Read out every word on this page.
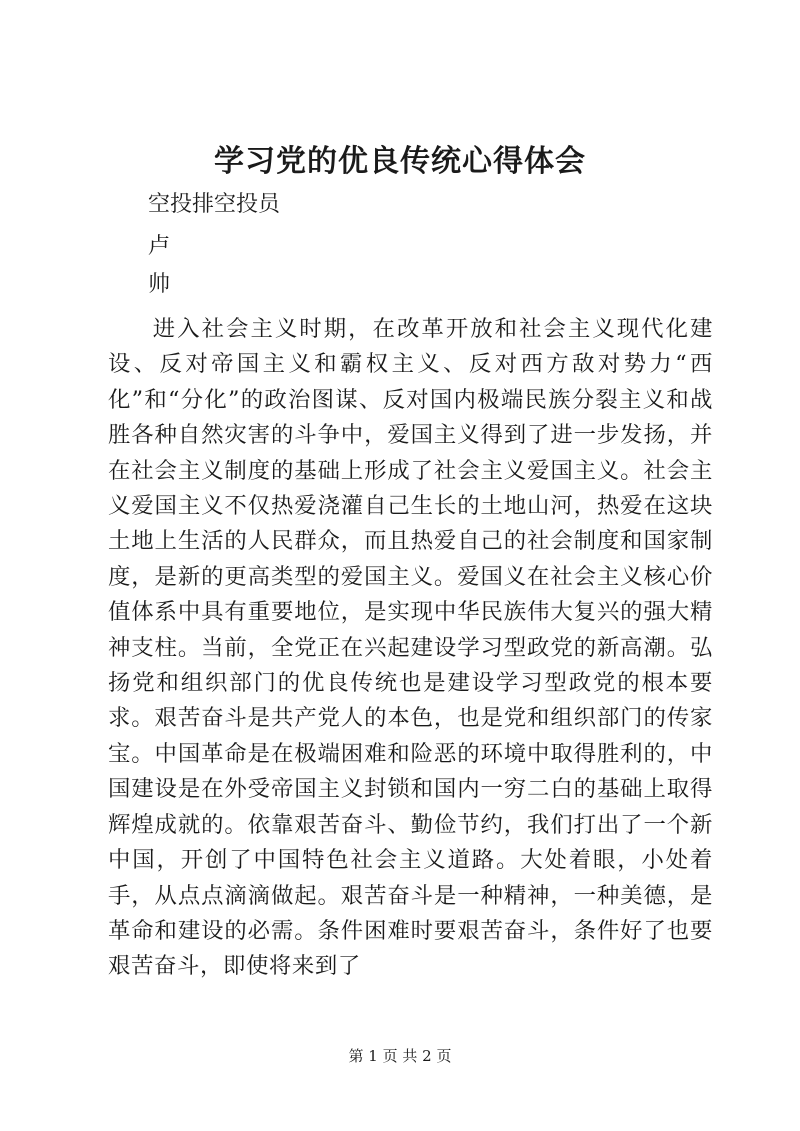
学习党的优良传统心得体会
空投排空投员
卢
帅

进入社会主义时期，在改革开放和社会主义现代化建设、反对帝国主义和霸权主义、反对西方敌对势力“西化”和“分化”的政治图谋、反对国内极端民族分裂主义和战胜各种自然灾害的斗争中，爱国主义得到了进一步发扬，并在社会主义制度的基础上形成了社会主义爱国主义。社会主义爱国主义不仅热爱浇灌自己生长的土地山河，热爱在这块土地上生活的人民群众，而且热爱自己的社会制度和国家制度，是新的更高类型的爱国主义。爱国义在社会主义核心价值体系中具有重要地位，是实现中华民族伟大复兴的强大精神支柱。当前，全党正在兴起建设学习型政党的新高潮。弘扬党和组织部门的优良传统也是建设学习型政党的根本要求。艰苦奋斗是共产党人的本色，也是党和组织部门的传家宝。中国革命是在极端困难和险恶的环境中取得胜利的，中国建设是在外受帝国主义封锁和国内一穷二白的基础上取得辉煌成就的。依靠艰苦奋斗、勤俭节约，我们打出了一个新中国，开创了中国特色社会主义道路。大处着眼，小处着手，从点点滴滴做起。艰苦奋斗是一种精神，一种美德，是革命和建设的必需。条件困难时要艰苦奋斗，条件好了也要艰苦奋斗，即使将来到了

第 1 页 共 2 页
